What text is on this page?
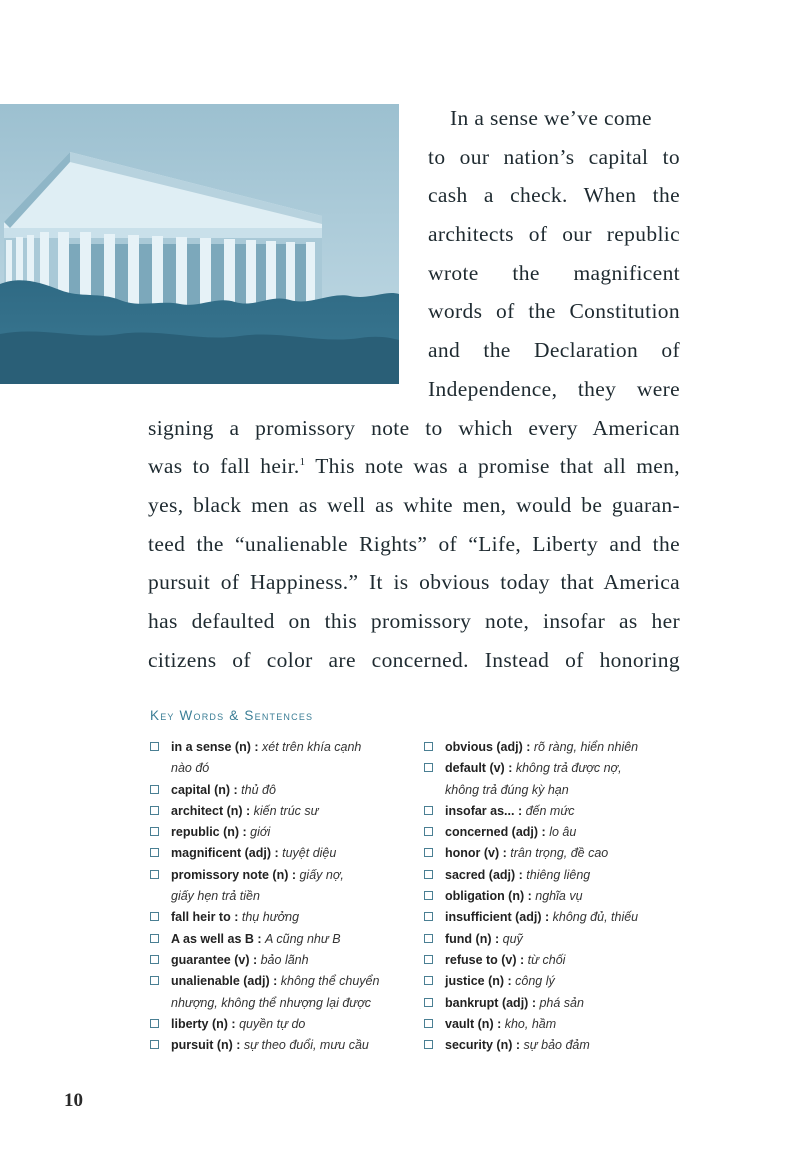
In a sense we’ve come
to our nation’s capital to
cash a check. When the
architects of our republic
wrote the magnificent
words of the Constitution
and the Declaration of
Independence, they were
signing a promissory note to which every American
was to fall heir.$^1$ This note was a promise that all men,
yes, black men as well as white men, would be guaran-
teed the “unalienable Rights” of “Life, Liberty and the
pursuit of Happiness.” It is obvious today that America
has defaulted on this promissory note, insofar as her
citizens of color are concerned. Instead of honoring
Key Words & Sentences
in a sense (n) : xét trên khía cạnh
nào đó
capital (n) : thủ đô
architect (n) : kiến trúc sư
republic (n) : giới
magnificent (adj) : tuyệt diệu
promissory note (n) : giấy nợ,
giấy hẹn trả tiền
fall heir to : thụ hưởng
A as well as B : A cũng như B
guarantee (v) : bảo lãnh
unalienable (adj) : không thể chuyển
nhượng, không thể nhượng lại được
liberty (n) : quyền tự do
pursuit (n) : sự theo đuổi, mưu cầu
obvious (adj) : rõ ràng, hiển nhiên
default (v) : không trả được nợ,
không trả đúng kỳ hạn
insofar as... : đến mức
concerned (adj) : lo âu
honor (v) : trân trọng, đề cao
sacred (adj) : thiêng liêng
obligation (n) : nghĩa vụ
insufficient (adj) : không đủ, thiếu
fund (n) : quỹ
refuse to (v) : từ chối
justice (n) : công lý
bankrupt (adj) : phá sản
vault (n) : kho, hầm
security (n) : sự bảo đảm
10
